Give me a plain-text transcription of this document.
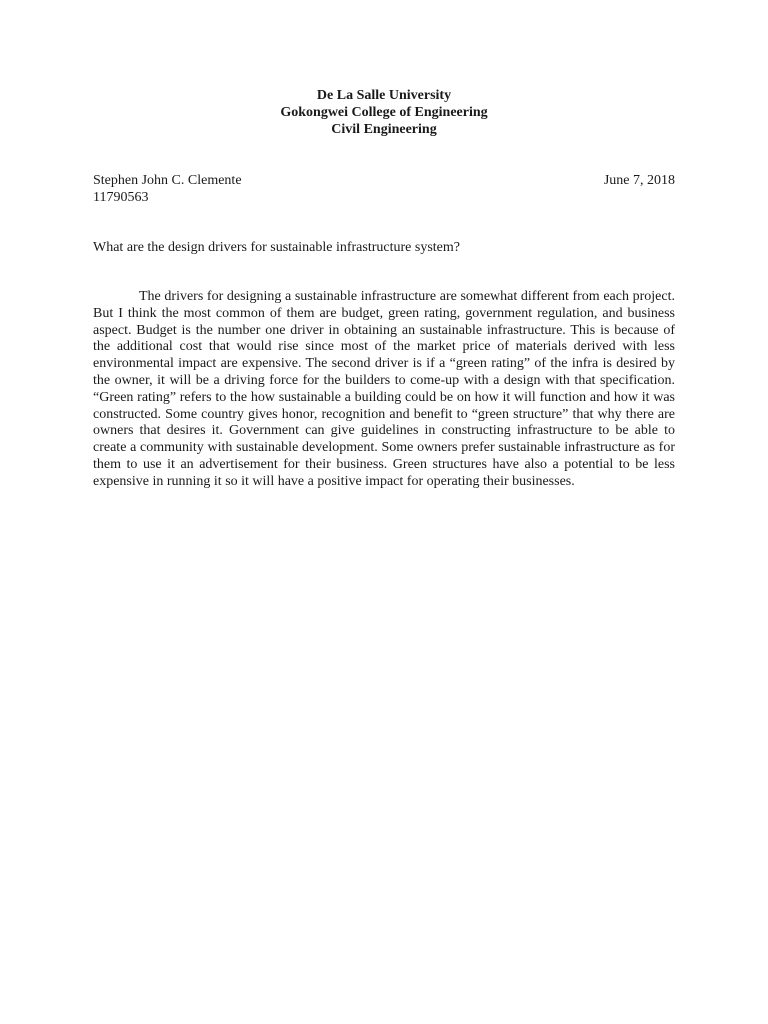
De La Salle University
Gokongwei College of Engineering
Civil Engineering
Stephen John C. Clemente	June 7, 2018
11790563
What are the design drivers for sustainable infrastructure system?

The drivers for designing a sustainable infrastructure are somewhat different from each project. But I think the most common of them are budget, green rating, government regulation, and business aspect. Budget is the number one driver in obtaining an sustainable infrastructure. This is because of the additional cost that would rise since most of the market price of materials derived with less environmental impact are expensive. The second driver is if a “green rating” of the infra is desired by the owner, it will be a driving force for the builders to come-up with a design with that specification. “Green rating” refers to the how sustainable a building could be on how it will function and how it was constructed. Some country gives honor, recognition and benefit to “green structure” that why there are owners that desires it. Government can give guidelines in constructing infrastructure to be able to create a community with sustainable development. Some owners prefer sustainable infrastructure as for them to use it an advertisement for their business. Green structures have also a potential to be less expensive in running it so it will have a positive impact for operating their businesses.
